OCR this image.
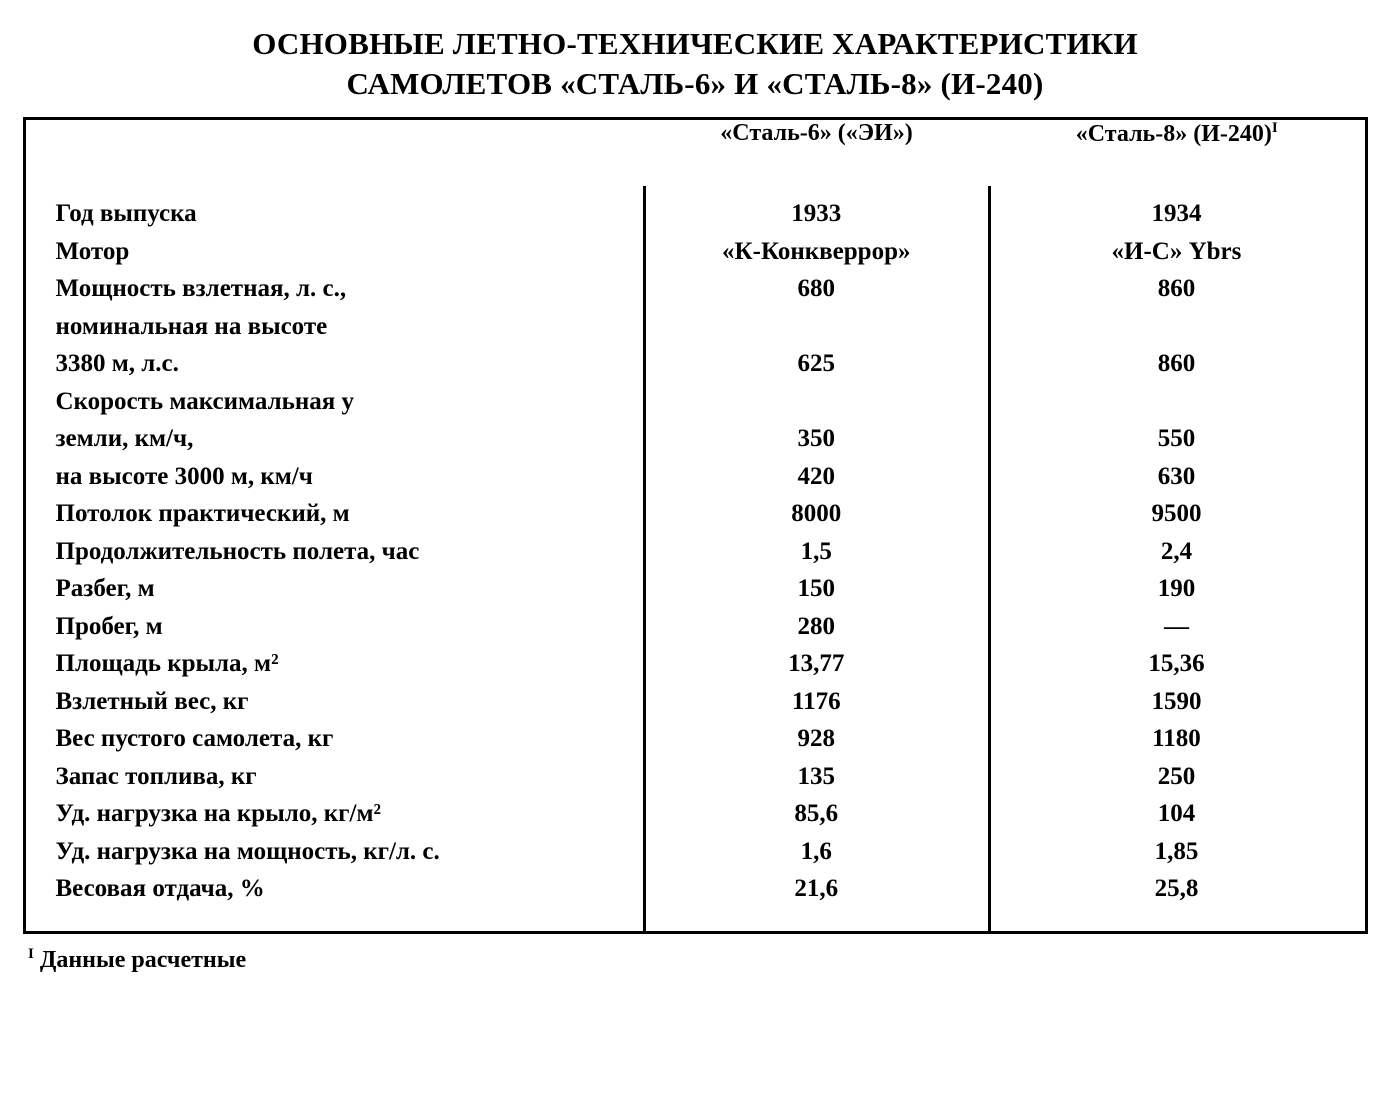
ОСНОВНЫЕ ЛЕТНО-ТЕХНИЧЕСКИЕ ХАРАКТЕРИСТИКИ
САМОЛЕТОВ «СТАЛЬ-6» И «СТАЛЬ-8» (И-240)
	«Сталь-6» («ЭИ»)	«Сталь-8» $(И-240)^I$

Год выпуска	1933	1934
Мотор	«К-Конкверрор»	«И-С» Ybrs
Мощность взлетная, л. с.,	680	860
номинальная на высоте
3380 м, л.с.	625	860
Скорость максимальная у
земли, км/ч,	350	550
на высоте 3000 м, км/ч	420	630
Потолок практический, м	8000	9500
Продолжительность полета, час	1,5	2,4
Разбег, м	150	190
Пробег, м	280	—
Площадь крыла, м²	13,77	15,36
Взлетный вес, кг	1176	1590
Вес пустого самолета, кг	928	1180
Запас топлива, кг	135	250
Уд. нагрузка на крыло, кг/м²	85,6	104
Уд. нагрузка на мощность, кг/л. с.	1,6	1,85
Весовая отдача, %	21,6	25,8
$^I$ Данные расчетные
